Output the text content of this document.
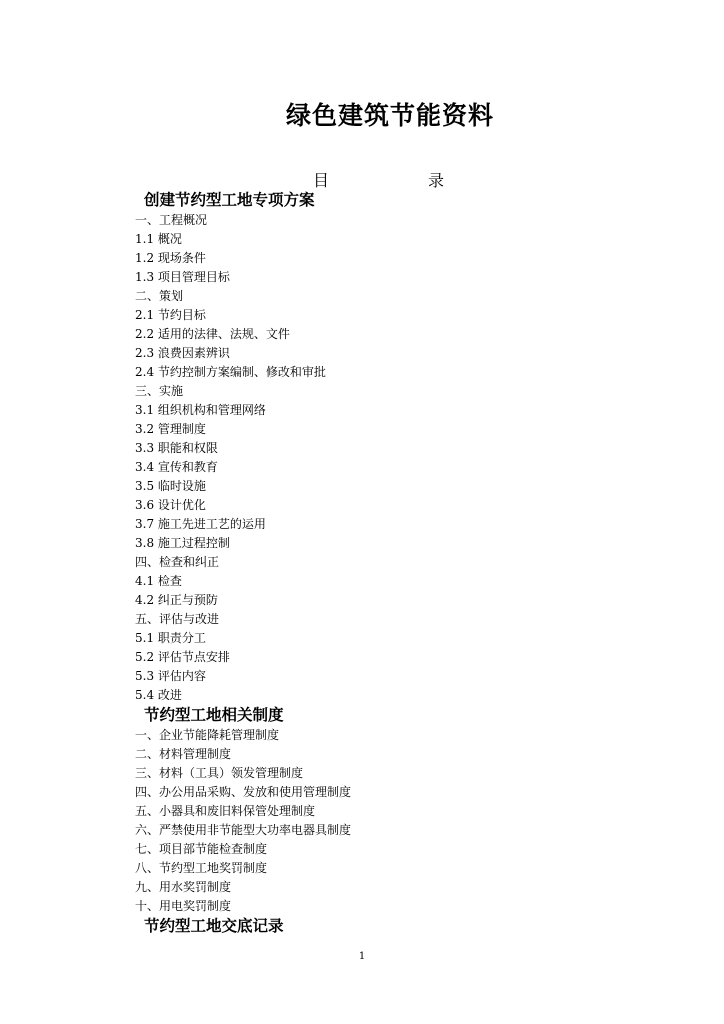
绿色建筑节能资料
目	录
创建节约型工地专项方案
一、工程概况
1.1 概况
1.2 现场条件
1.3 项目管理目标
二、策划
2.1 节约目标
2.2 适用的法律、法规、文件
2.3 浪费因素辨识
2.4 节约控制方案编制、修改和审批
三、实施
3.1 组织机构和管理网络
3.2 管理制度
3.3 职能和权限
3.4 宣传和教育
3.5 临时设施
3.6 设计优化
3.7 施工先进工艺的运用
3.8 施工过程控制
四、检查和纠正
4.1 检查
4.2 纠正与预防
五、评估与改进
5.1 职责分工
5.2 评估节点安排
5.3 评估内容
5.4 改进
节约型工地相关制度
一、企业节能降耗管理制度
二、材料管理制度
三、材料（工具）领发管理制度
四、办公用品采购、发放和使用管理制度
五、小器具和废旧料保管处理制度
六、严禁使用非节能型大功率电器具制度
七、项目部节能检查制度
八、节约型工地奖罚制度
九、用水奖罚制度
十、用电奖罚制度
节约型工地交底记录
1
